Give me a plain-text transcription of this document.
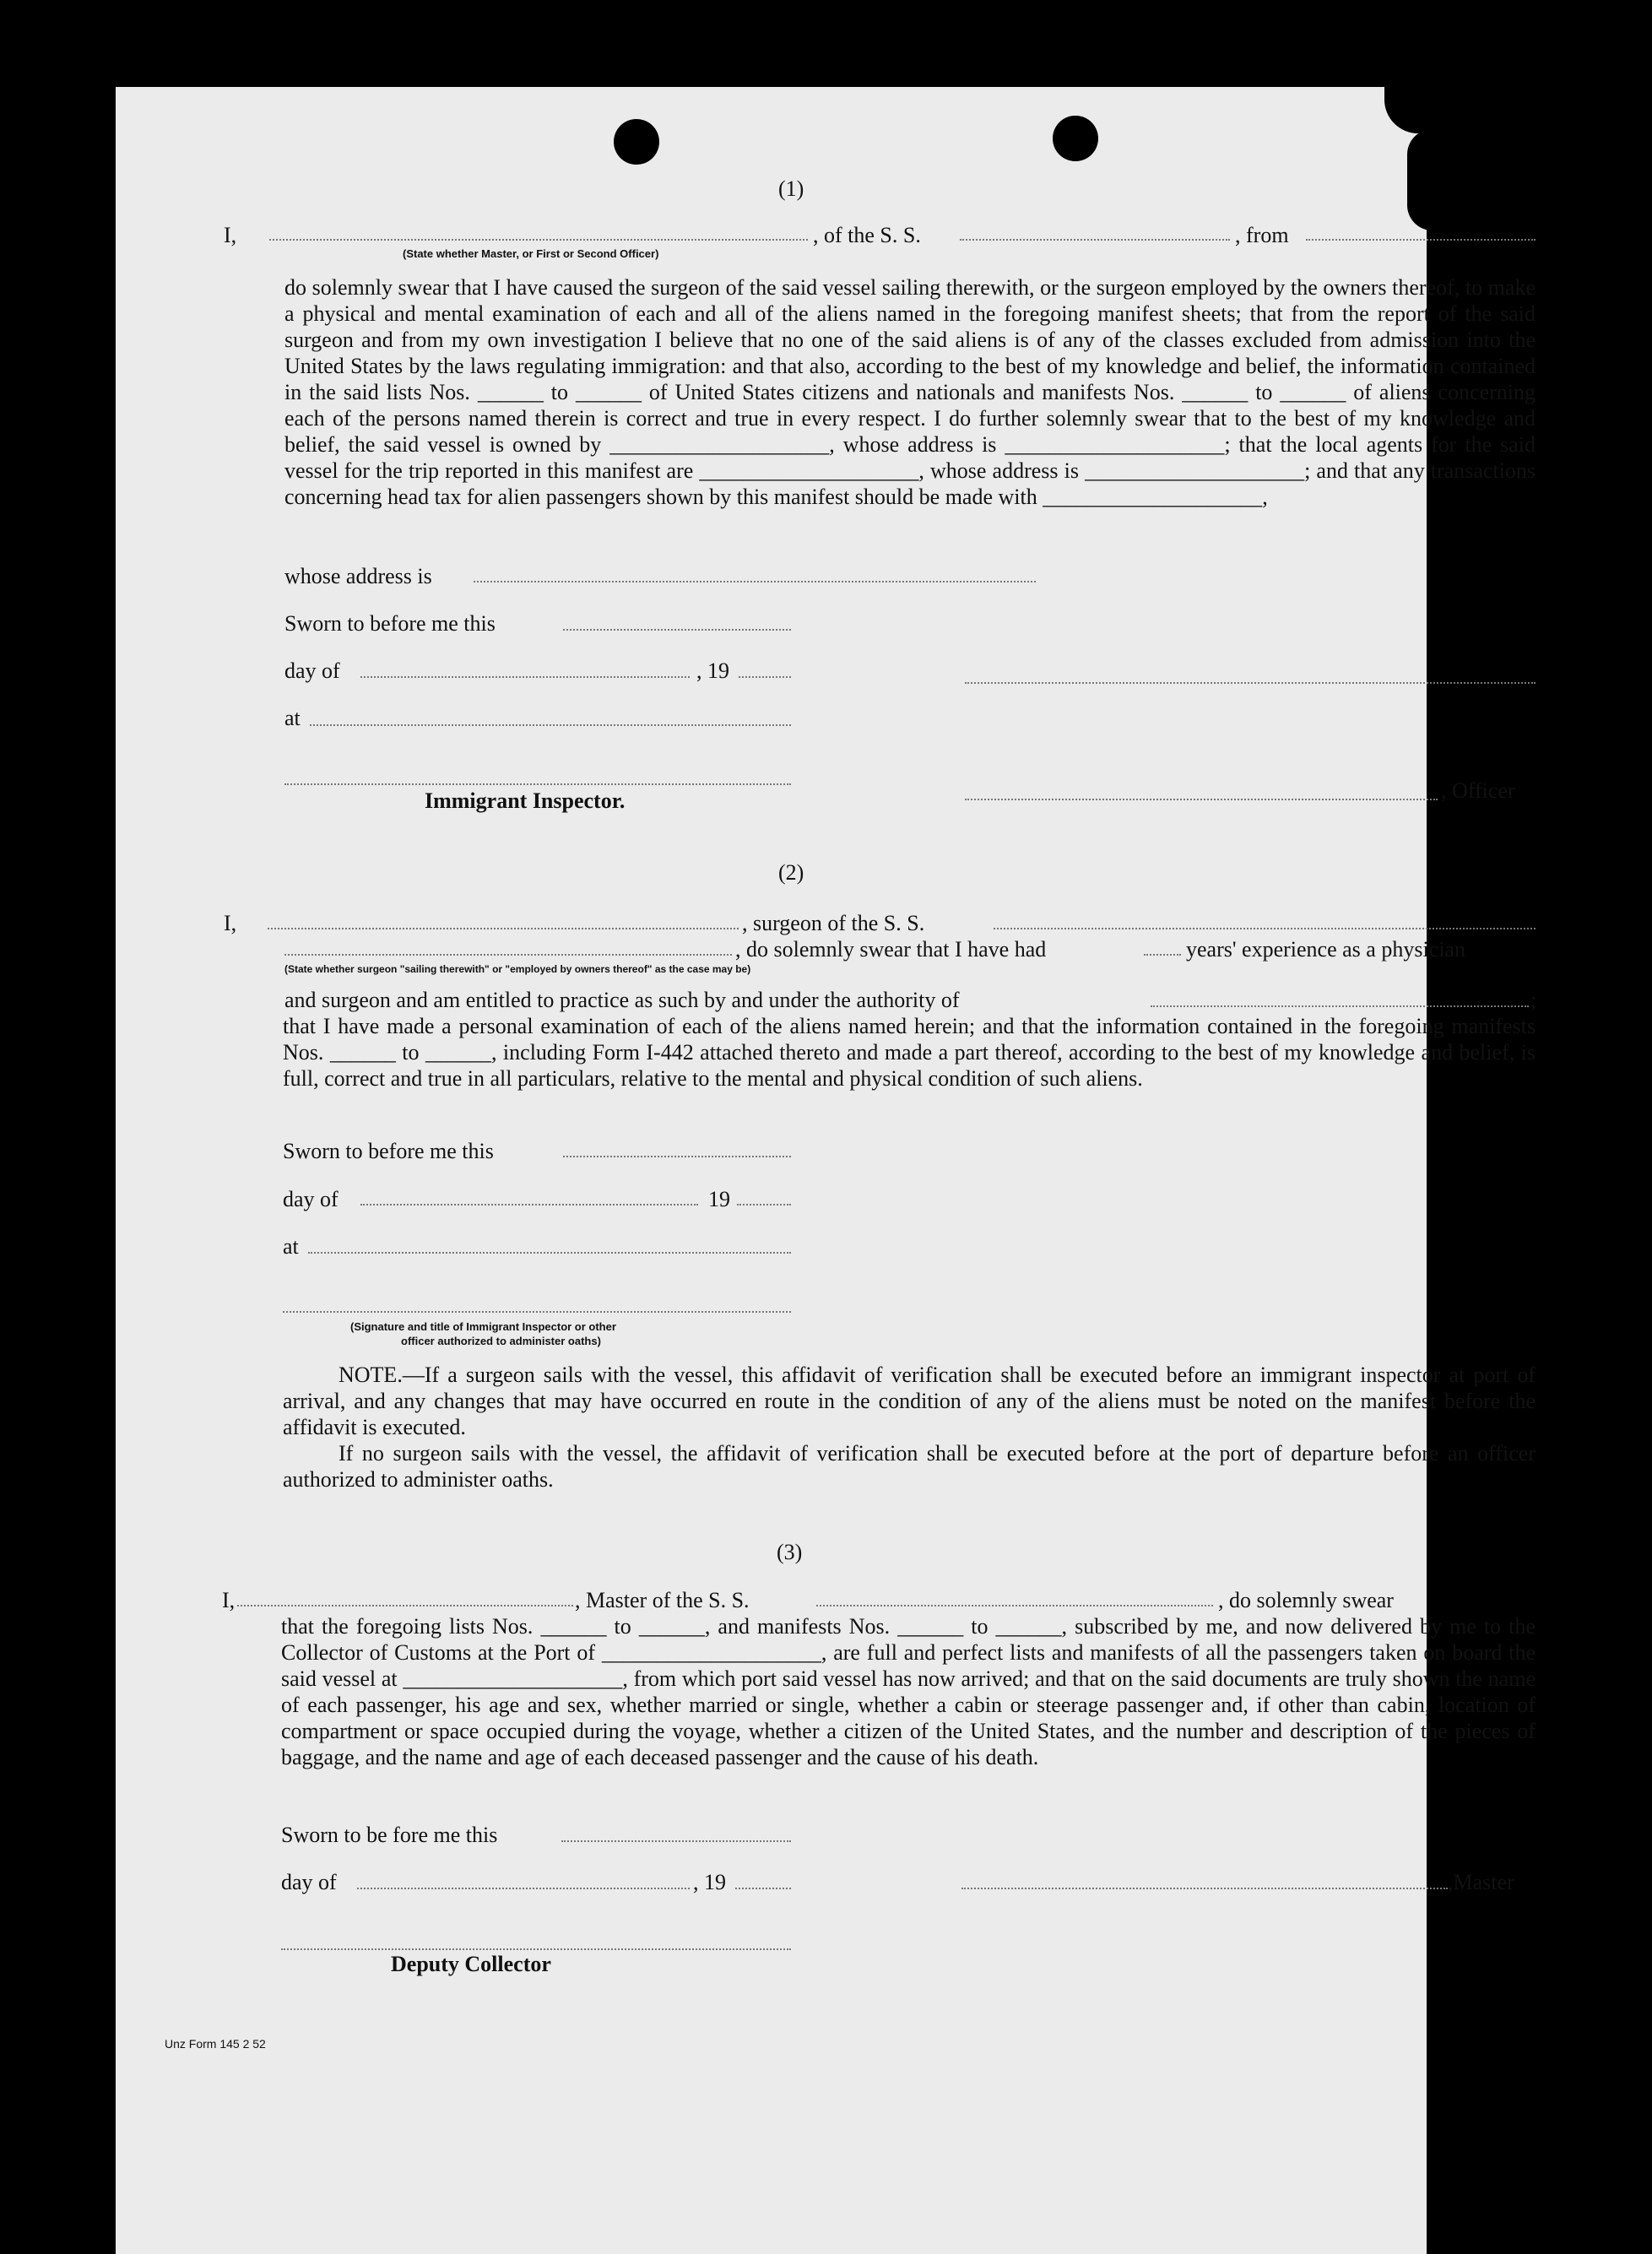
(1)
I,	, of the S. S.	, from
(State whether Master, or First or Second Officer)
do solemnly swear that I have caused the surgeon of the said vessel sailing therewith, or the surgeon employed by the owners thereof, to make a physical and mental examination of each and all of the aliens named in the foregoing manifest sheets; that from the report of the said surgeon and from my own investigation I believe that no one of the said aliens is of any of the classes excluded from admission into the United States by the laws regulating immigration: and that also, according to the best of my knowledge and belief, the information contained in the said lists Nos. ______ to ______ of United States citizens and nationals and manifests Nos. ______ to ______ of aliens concerning each of the persons named therein is correct and true in every respect. I do further solemnly swear that to the best of my knowledge and belief, the said vessel is owned by ____________________, whose address is ____________________; that the local agents for the said vessel for the trip reported in this manifest are ____________________, whose address is ____________________; and that any transactions concerning head tax for alien passengers shown by this manifest should be made with ____________________,
whose address is
Sworn to before me this
day of	, 19
at
Immigrant Inspector.	, Officer
(2)
I,	, surgeon of the S. S.
, do solemnly swear that I have had	years' experience as a physician
(State whether surgeon "sailing therewith" or "employed by owners thereof" as the case may be)
and surgeon and am entitled to practice as such by and under the authority of	;
that I have made a personal examination of each of the aliens named herein; and that the information contained in the foregoing manifests Nos. ______ to ______, including Form I-442 attached thereto and made a part thereof, according to the best of my knowledge and belief, is full, correct and true in all particulars, relative to the mental and physical condition of such aliens.
Sworn to before me this
day of	19
at
(Signature and title of Immigrant Inspector or other
officer authorized to administer oaths)
NOTE.—If a surgeon sails with the vessel, this affidavit of verification shall be executed before an immigrant inspector at port of arrival, and any changes that may have occurred en route in the condition of any of the aliens must be noted on the manifest before the affidavit is executed.
If no surgeon sails with the vessel, the affidavit of verification shall be executed before at the port of departure before an officer authorized to administer oaths.
(3)
I,	, Master of the S. S.	, do solemnly swear
that the foregoing lists Nos. ______ to ______, and manifests Nos. ______ to ______, subscribed by me, and now delivered by me to the Collector of Customs at the Port of ____________________, are full and perfect lists and manifests of all the passengers taken on board the said vessel at ____________________, from which port said vessel has now arrived; and that on the said documents are truly shown the name of each passenger, his age and sex, whether married or single, whether a cabin or steerage passenger and, if other than cabin, location of compartment or space occupied during the voyage, whether a citizen of the United States, and the number and description of the pieces of baggage, and the name and age of each deceased passenger and the cause of his death.
Sworn to be fore me this
day of	, 19	,Master
Deputy Collector
Unz Form 145 2 52
